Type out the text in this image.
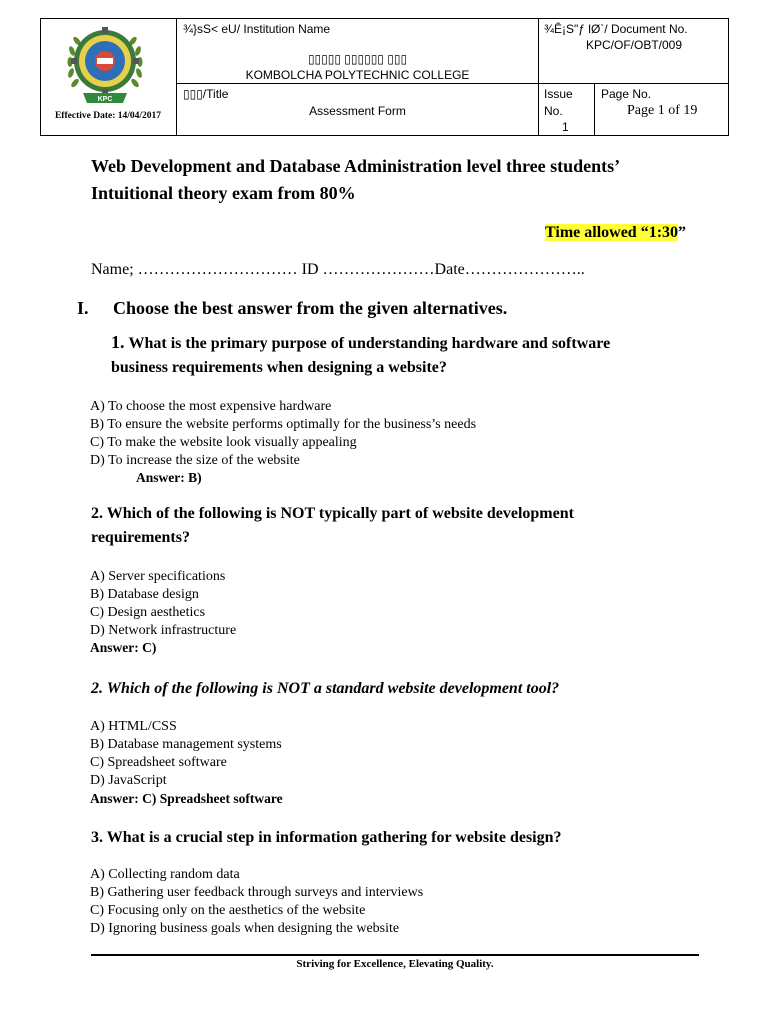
KPC
Effective Date: 14/04/2017
¾}sS< eU/ Institution Name
▯▯▯▯▯ ▯▯▯▯▯▯ ▯▯▯
KOMBOLCHA POLYTECHNIC COLLEGE
¾Ê¡S"ƒ lØ`/ Document No.
KPC/OF/OBT/009
▯▯▯/Title
Assessment Form
Issue
No.
1
Page No.
Page 1 of 19
Web Development and Database Administration level three students’
Intuitional theory exam from 80%
Time allowed “1:30”
Name; ………………………… ID …………………Date…………………..
I. Choose the best answer from the given alternatives.
1. What is the primary purpose of understanding hardware and software
business requirements when designing a website?
A) To choose the most expensive hardware
B) To ensure the website performs optimally for the business’s needs
C) To make the website look visually appealing
D) To increase the size of the website
Answer: B)
2. Which of the following is NOT typically part of website development
requirements?
A) Server specifications
B) Database design
C) Design aesthetics
D) Network infrastructure
Answer: C)
2. Which of the following is NOT a standard website development tool?
A) HTML/CSS
B) Database management systems
C) Spreadsheet software
D) JavaScript
Answer: C) Spreadsheet software
3. What is a crucial step in information gathering for website design?
A) Collecting random data
B) Gathering user feedback through surveys and interviews
C) Focusing only on the aesthetics of the website
D) Ignoring business goals when designing the website
Striving for Excellence, Elevating Quality.
